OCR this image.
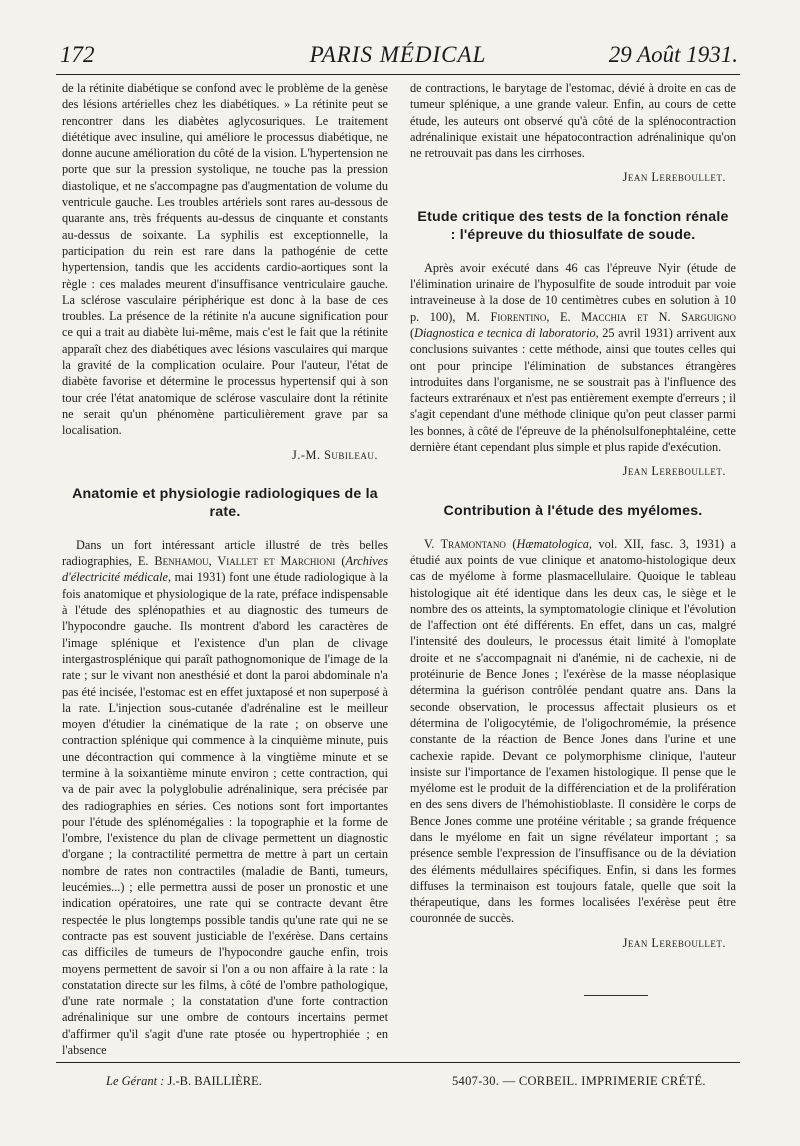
172	PARIS MÉDICAL	29 Août 1931.

de la rétinite diabétique se confond avec le problème de la genèse des lésions artérielles chez les diabétiques. » La rétinite peut se rencontrer dans les diabètes aglycosuriques. Le traitement diététique avec insuline, qui améliore le processus diabétique, ne donne aucune amélioration du côté de la vision. L'hypertension ne porte que sur la pression systolique, ne touche pas la pression diastolique, et ne s'accompagne pas d'augmentation de volume du ventricule gauche. Les troubles artériels sont rares au-dessous de quarante ans, très fréquents au-dessus de cinquante et constants au-dessus de soixante. La syphilis est exceptionnelle, la participation du rein est rare dans la pathogénie de cette hypertension, tandis que les accidents cardio-aortiques sont la règle : ces malades meurent d'insuffisance ventriculaire gauche. La sclérose vasculaire périphérique est donc à la base de ces troubles. La présence de la rétinite n'a aucune signification pour ce qui a trait au diabète lui-même, mais c'est le fait que la rétinite apparaît chez des diabétiques avec lésions vasculaires qui marque la gravité de la complication oculaire. Pour l'auteur, l'état de diabète favorise et détermine le processus hypertensif qui à son tour crée l'état anatomique de sclérose vasculaire dont la rétinite ne serait qu'un phénomène particulièrement grave par sa localisation.

J.-M. Subileau.
Anatomie et physiologie radiologiques de la rate.

Dans un fort intéressant article illustré de très belles radiographies, E. Benhamou, Viallet et Marchioni (Archives d'électricité médicale, mai 1931) font une étude radiologique à la fois anatomique et physiologique de la rate, préface indispensable à l'étude des splénopathies et au diagnostic des tumeurs de l'hypocondre gauche. Ils montrent d'abord les caractères de l'image splénique et l'existence d'un plan de clivage intergastrosplénique qui paraît pathognomonique de l'image de la rate ; sur le vivant non anesthésié et dont la paroi abdominale n'a pas été incisée, l'estomac est en effet juxtaposé et non superposé à la rate. L'injection sous-cutanée d'adrénaline est le meilleur moyen d'étudier la cinématique de la rate ; on observe une contraction splénique qui commence à la cinquième minute, puis une décontraction qui commence à la vingtième minute et se termine à la soixantième minute environ ; cette contraction, qui va de pair avec la polyglobulie adrénalinique, sera précisée par des radiographies en séries. Ces notions sont fort importantes pour l'étude des splénomégalies : la topographie et la forme de l'ombre, l'existence du plan de clivage permettent un diagnostic d'organe ; la contractilité permettra de mettre à part un certain nombre de rates non contractiles (maladie de Banti, tumeurs, leucémies...) ; elle permettra aussi de poser un pronostic et une indication opératoires, une rate qui se contracte devant être respectée le plus longtemps possible tandis qu'une rate qui ne se contracte pas est souvent justiciable de l'exérèse. Dans certains cas difficiles de tumeurs de l'hypocondre gauche enfin, trois moyens permettent de savoir si l'on a ou non affaire à la rate : la constatation directe sur les films, à côté de l'ombre pathologique, d'une rate normale ; la constatation d'une forte contraction adrénalinique sur une ombre de contours incertains permet d'affirmer qu'il s'agit d'une rate ptosée ou hypertrophiée ; en l'absence

de contractions, le barytage de l'estomac, dévié à droite en cas de tumeur splénique, a une grande valeur. Enfin, au cours de cette étude, les auteurs ont observé qu'à côté de la splénocontraction adrénalinique existait une hépatocontraction adrénalinique qu'on ne retrouvait pas dans les cirrhoses.

Jean Lereboullet.
Etude critique des tests de la fonction rénale : l'épreuve du thiosulfate de soude.

Après avoir exécuté dans 46 cas l'épreuve Nyir (étude de l'élimination urinaire de l'hyposulfite de soude introduit par voie intraveineuse à la dose de 10 centimètres cubes en solution à 10 p. 100), M. Fiorentino, E. Macchia et N. Sarguigno (Diagnostica e tecnica di laboratorio, 25 avril 1931) arrivent aux conclusions suivantes : cette méthode, ainsi que toutes celles qui ont pour principe l'élimination de substances étrangères introduites dans l'organisme, ne se soustrait pas à l'influence des facteurs extrarénaux et n'est pas entièrement exempte d'erreurs ; il s'agit cependant d'une méthode clinique qu'on peut classer parmi les bonnes, à côté de l'épreuve de la phénolsulfonephtaléine, cette dernière étant cependant plus simple et plus rapide d'exécution.

Jean Lereboullet.
Contribution à l'étude des myélomes.

V. Tramontano (Hæmatologica, vol. XII, fasc. 3, 1931) a étudié aux points de vue clinique et anatomo-histologique deux cas de myélome à forme plasmacellulaire. Quoique le tableau histologique ait été identique dans les deux cas, le siège et le nombre des os atteints, la symptomatologie clinique et l'évolution de l'affection ont été différents. En effet, dans un cas, malgré l'intensité des douleurs, le processus était limité à l'omoplate droite et ne s'accompagnait ni d'anémie, ni de cachexie, ni de protéinurie de Bence Jones ; l'exérèse de la masse néoplasique détermina la guérison contrôlée pendant quatre ans. Dans la seconde observation, le processus affectait plusieurs os et détermina de l'oligocytémie, de l'oligochromémie, la présence constante de la réaction de Bence Jones dans l'urine et une cachexie rapide. Devant ce polymorphisme clinique, l'auteur insiste sur l'importance de l'examen histologique. Il pense que le myélome est le produit de la différenciation et de la prolifération en des sens divers de l'hémohistioblaste. Il considère le corps de Bence Jones comme une protéine véritable ; sa grande fréquence dans le myélome en fait un signe révélateur important ; sa présence semble l'expression de l'insuffisance ou de la déviation des éléments médullaires spécifiques. Enfin, si dans les formes diffuses la terminaison est toujours fatale, quelle que soit la thérapeutique, dans les formes localisées l'exérèse peut être couronnée de succès.

Jean Lereboullet.
Le Gérant : J.-B. BAILLIÈRE.	5407-30. — CORBEIL. IMPRIMERIE CRÉTÉ.
